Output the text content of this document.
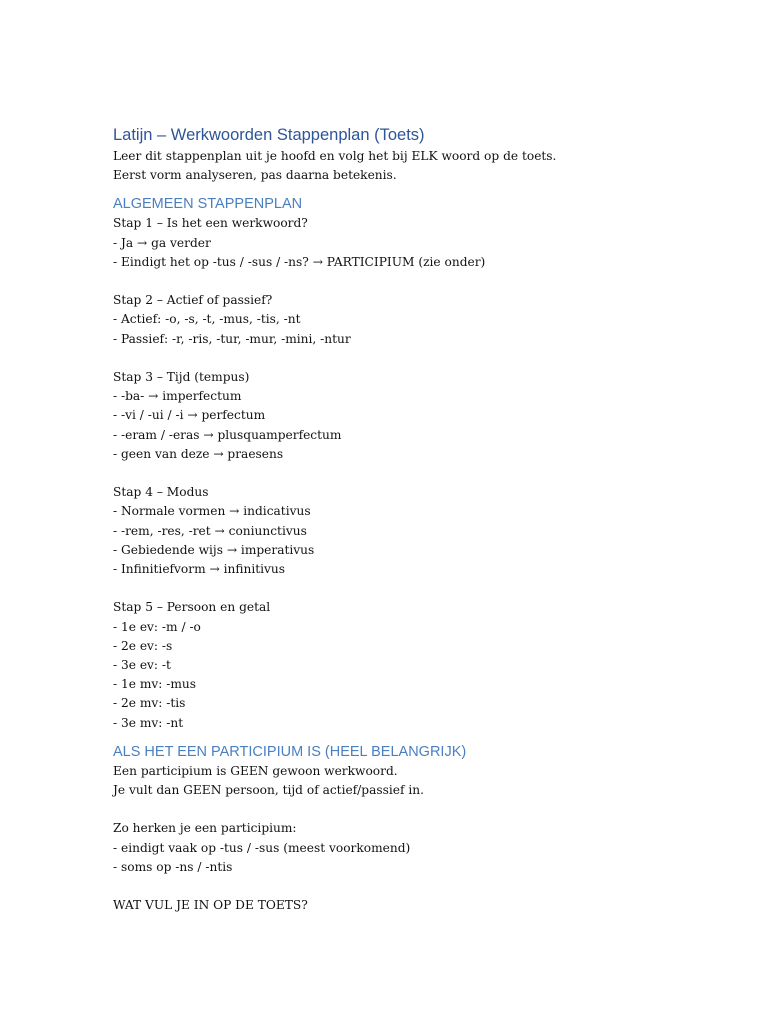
Latijn – Werkwoorden Stappenplan (Toets)

Leer dit stappenplan uit je hoofd en volg het bij ELK woord op de toets.

Eerst vorm analyseren, pas daarna betekenis.

ALGEMEEN STAPPENPLAN

Stap 1 – Is het een werkwoord?

- Ja → ga verder

- Eindigt het op -tus / -sus / -ns? → PARTICIPIUM (zie onder)

Stap 2 – Actief of passief?

- Actief: -o, -s, -t, -mus, -tis, -nt

- Passief: -r, -ris, -tur, -mur, -mini, -ntur

Stap 3 – Tijd (tempus)

- -ba- → imperfectum

- -vi / -ui / -i → perfectum

- -eram / -eras → plusquamperfectum

- geen van deze → praesens

Stap 4 – Modus

- Normale vormen → indicativus

- -rem, -res, -ret → coniunctivus

- Gebiedende wijs → imperativus

- Infinitiefvorm → infinitivus

Stap 5 – Persoon en getal

- 1e ev: -m / -o

- 2e ev: -s

- 3e ev: -t

- 1e mv: -mus

- 2e mv: -tis

- 3e mv: -nt

ALS HET EEN PARTICIPIUM IS (HEEL BELANGRIJK)

Een participium is GEEN gewoon werkwoord.

Je vult dan GEEN persoon, tijd of actief/passief in.

Zo herken je een participium:

- eindigt vaak op -tus / -sus (meest voorkomend)

- soms op -ns / -ntis

WAT VUL JE IN OP DE TOETS?
